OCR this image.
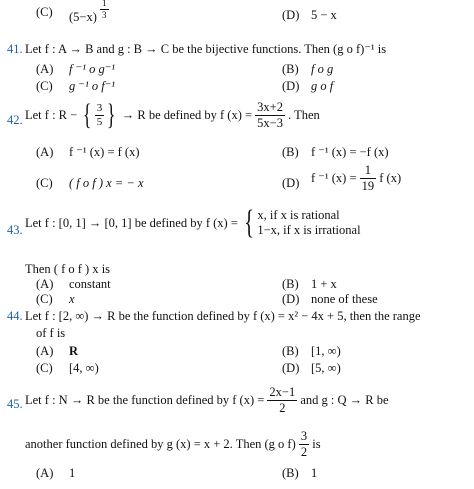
(C) $(5-x) \frac{1}{3}$	(D) 5 − x
41. Let f : A → B and g : B → C be the bijective functions. Then (g o f)⁻¹ is
(A) f ⁻¹ o g⁻¹	(B) f o g
(C) g ⁻¹ o f⁻¹	(D) g o f
42. Let f : R − { $\frac{3}{5}$ } → R be defined by f $(x) = \frac{3x+2}{5x-3}$ . Then
(A) f ⁻¹ (x) = f (x)	(B) f ⁻¹ (x) = −f (x)
(C) ( f o f ) x = − x	(D) f ⁻¹ $(x) = \frac{1}{19}$ f (x)
43.
Let f : [0, 1] → [0, 1] be defined by f (x) = { x, if x is rational
1−x, if x is irrational
Then ( f o f ) x is
(A) constant	(B) 1 + x
(C) x	(D) none of these
44. Let f : [2, ∞) → R be the function defined by f (x) = x² − 4x + 5, then the range
of f is
(A) R	(B) [1, ∞)
(C) [4, ∞)	(D) [5, ∞)
45. Let f : N → R be the function defined by f $(x) = \frac{2x-1}{2}$ and g : Q → R be
another function defined by g (x) = x + 2. Then (g o $f) \frac{3}{2}$ is
(A) 1	(B) 1
